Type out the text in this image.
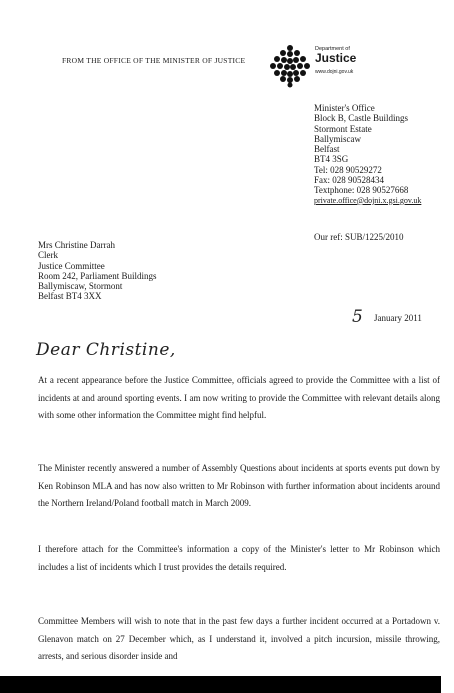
FROM THE OFFICE OF THE MINISTER OF JUSTICE
Department of
Justice
www.dojni.gov.uk
Minister's Office
Block B, Castle Buildings
Stormont Estate
Ballymiscaw
Belfast
BT4 3SG
Tel: 028 90529272
Fax: 028 90528434
Textphone: 028 90527668
private.office@dojni.x.gsi.gov.uk
Our ref: SUB/1225/2010
Mrs Christine Darrah
Clerk
Justice Committee
Room 242, Parliament Buildings
Ballymiscaw, Stormont
Belfast BT4 3XX
5 January 2011
Dear Christine,

At a recent appearance before the Justice Committee, officials agreed to provide the Committee with a list of incidents at and around sporting events. I am now writing to provide the Committee with relevant details along with some other information the Committee might find helpful.

The Minister recently answered a number of Assembly Questions about incidents at sports events put down by Ken Robinson MLA and has now also written to Mr Robinson with further information about incidents around the Northern Ireland/Poland football match in March 2009.

I therefore attach for the Committee's information a copy of the Minister's letter to Mr Robinson which includes a list of incidents which I trust provides the details required.

Committee Members will wish to note that in the past few days a further incident occurred at a Portadown v. Glenavon match on 27 December which, as I understand it, involved a pitch incursion, missile throwing, arrests, and serious disorder inside and
